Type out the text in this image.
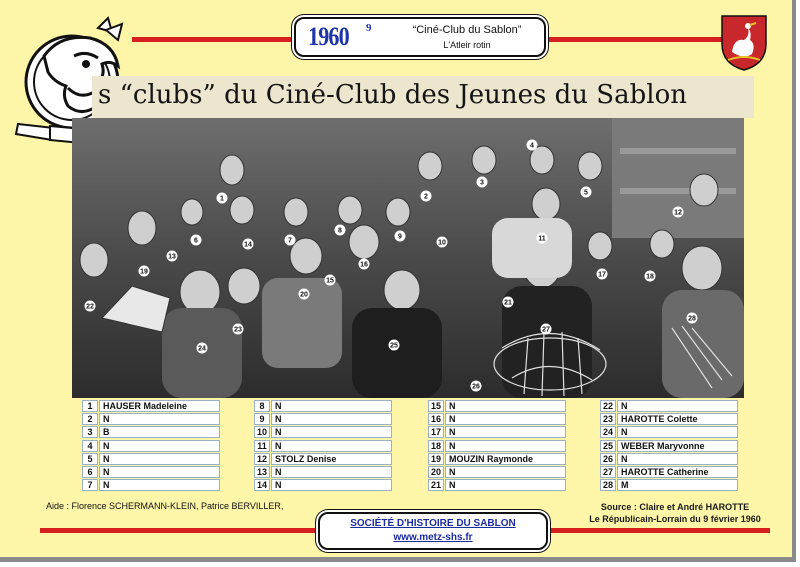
1960 9	“Ciné-Club du Sablon”
L'Atleir rotin
s “clubs” du Ciné-Club des Jeunes du Sablon
1	2
3
4
5
6	7
8
9
10
11
12
13
14
15
16
17	18
19
20
21
22
23
24	25
26
27
28
1	HAUSER Madeleine
2	N
3	B
4	N
5	N
6	N
7	N
8	N
9	N
10 N
11 N
12 STOLZ Denise
13 N
14 N
15 N
16 N
17 N
18 N
19 MOUZIN Raymonde
20 N
21 N
22 N
23 HAROTTE Colette
24 N
25 WEBER Maryvonne
26 N
27 HAROTTE Catherine
28 M
Aide : Florence SCHERMANN-KLEIN, Patrice BERVILLER,	Source : Claire et André HAROTTE
Le Républicain-Lorrain du 9 février 1960
SOCIÉTÉ D'HISTOIRE DU SABLON
www.metz-shs.fr
